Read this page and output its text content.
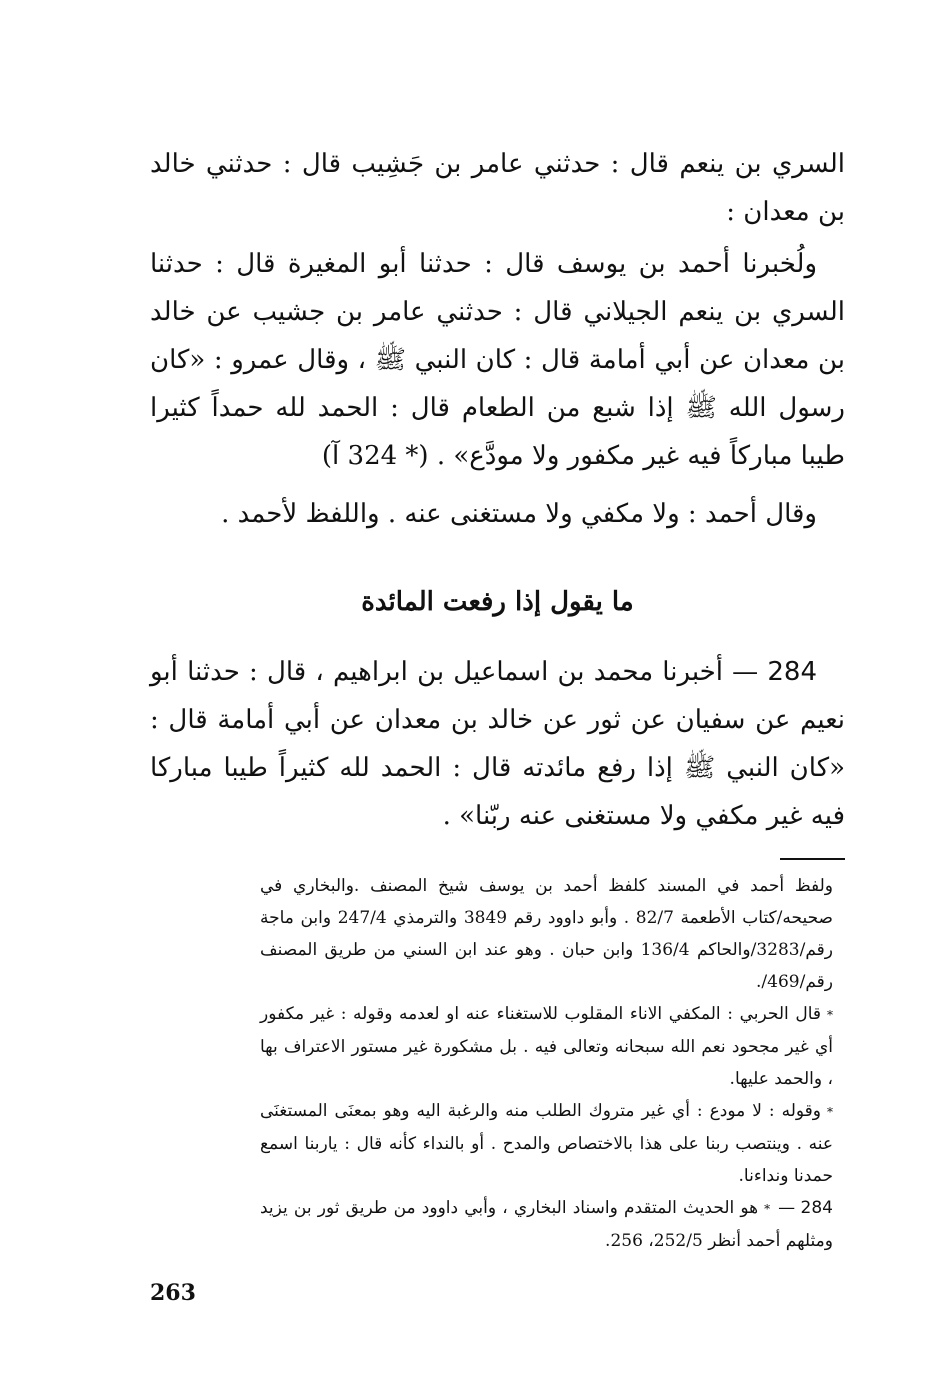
السري بن ينعم قال : حدثني عامر بن جَشِيب قال : حدثني خالد بن معدان :

ولُخبرنا أحمد بن يوسف قال : حدثنا أبو المغيرة قال : حدثنا السري بن ينعم الجيلاني قال : حدثني عامر بن جشيب عن خالد بن معدان عن أبي أمامة قال : كان النبي ﷺ ، وقال عمرو : «كان رسول الله ﷺ إذا شبع من الطعام قال : الحمد لله حمداً كثيرا طيبا مباركاً فيه غير مكفور ولا مودَّع» . (* 324 آ)

وقال أحمد : ولا مكفي ولا مستغنى عنه . واللفظ لأحمد .

ما يقول إذا رفعت المائدة

284 — أخبرنا محمد بن اسماعيل بن ابراهيم ، قال : حدثنا أبو نعيم عن سفيان عن ثور عن خالد بن معدان عن أبي أمامة قال : «كان النبي ﷺ إذا رفع مائدته قال : الحمد لله كثيراً طيبا مباركا فيه غير مكفي ولا مستغنى عنه ربّنا» .

ولفظ أحمد في المسند كلفظ أحمد بن يوسف شيخ المصنف .والبخاري في صحيحه/كتاب الأطعمة 82/7 . وأبو داوود رقم 3849 والترمذي 247/4 وابن ماجة رقم/3283/والحاكم 136/4 وابن حبان . وهو عند ابن السني من طريق المصنف رقم/469/.

*قال الحربي : المكفي الاناء المقلوب للاستغناء عنه او لعدمه وقوله : غير مكفور أي غير مجحود نعم الله سبحانه وتعالى فيه . بل مشكورة غير مستور الاعتراف بها ، والحمد عليها.

*وقوله : لا مودع : أي غير متروك الطلب منه والرغبة اليه وهو بمعنَى المستغنَى عنه . وينتصب ربنا على هذا بالاختصاص والمدح . أو بالنداء كأنه قال : ياربنا اسمع حمدنا ونداءنا.

284 —*هو الحديث المتقدم واسناد البخاري ، وأبي داوود من طريق ثور بن يزيد ومثلهم أحمد أنظر 252/5، 256.

263
